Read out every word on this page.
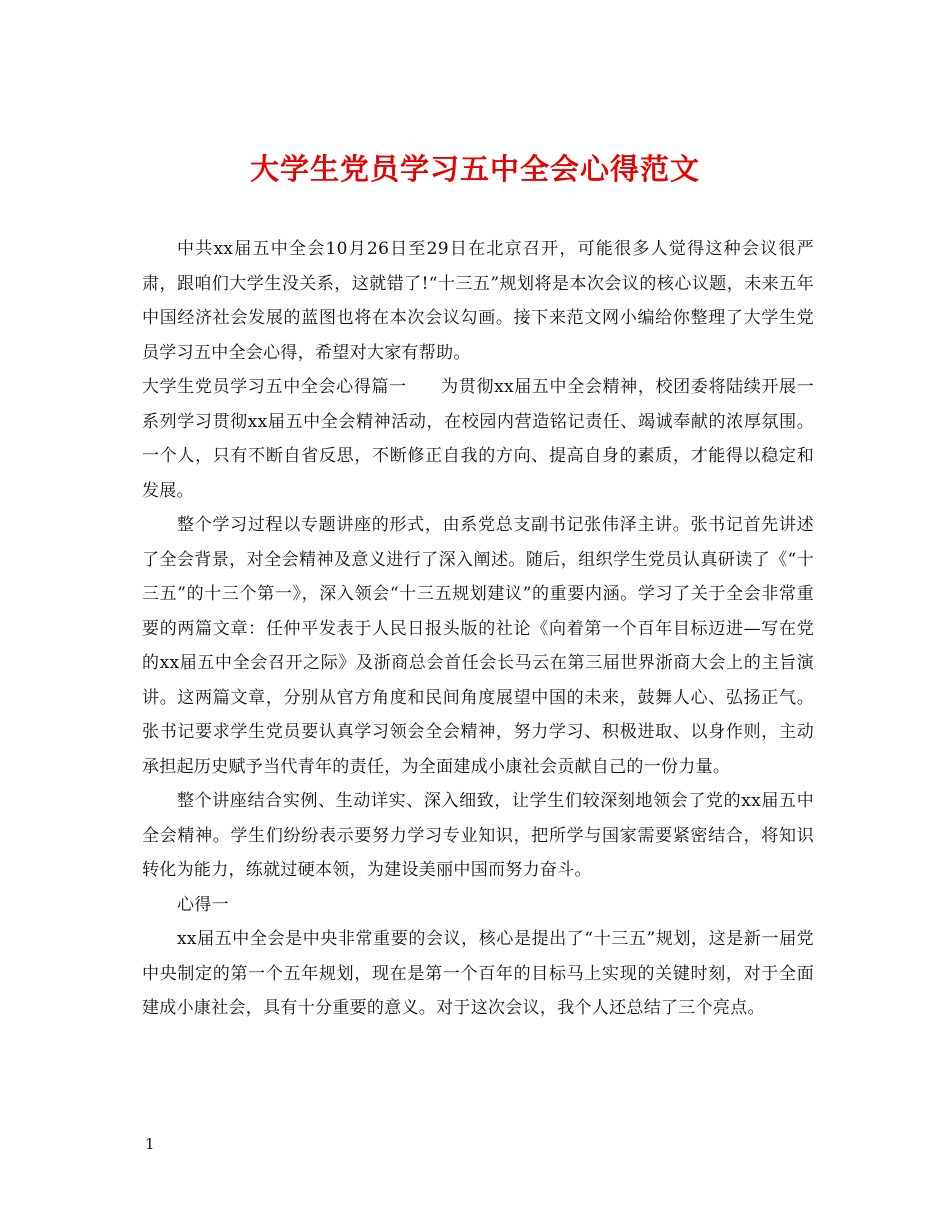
大学生党员学习五中全会心得范文

中共xx届五中全会10月26日至29日在北京召开，可能很多人觉得这种会议很严肃，跟咱们大学生没关系，这就错了!“十三五”规划将是本次会议的核心议题，未来五年中国经济社会发展的蓝图也将在本次会议勾画。接下来范文网小编给你整理了大学生党员学习五中全会心得，希望对大家有帮助。

大学生党员学习五中全会心得篇一 为贯彻xx届五中全会精神，校团委将陆续开展一系列学习贯彻xx届五中全会精神活动，在校园内营造铭记责任、竭诚奉献的浓厚氛围。一个人，只有不断自省反思，不断修正自我的方向、提高自身的素质，才能得以稳定和发展。

整个学习过程以专题讲座的形式，由系党总支副书记张伟泽主讲。张书记首先讲述了全会背景，对全会精神及意义进行了深入阐述。随后，组织学生党员认真研读了《“十三五”的十三个第一》，深入领会“十三五规划建议”的重要内涵。学习了关于全会非常重要的两篇文章：任仲平发表于人民日报头版的社论《向着第一个百年目标迈进—写在党的xx届五中全会召开之际》及浙商总会首任会长马云在第三届世界浙商大会上的主旨演讲。这两篇文章，分别从官方角度和民间角度展望中国的未来，鼓舞人心、弘扬正气。张书记要求学生党员要认真学习领会全会精神，努力学习、积极进取、以身作则，主动承担起历史赋予当代青年的责任，为全面建成小康社会贡献自己的一份力量。

整个讲座结合实例、生动详实、深入细致，让学生们较深刻地领会了党的xx届五中全会精神。学生们纷纷表示要努力学习专业知识，把所学与国家需要紧密结合，将知识转化为能力，练就过硬本领，为建设美丽中国而努力奋斗。

心得一

xx届五中全会是中央非常重要的会议，核心是提出了“十三五”规划，这是新一届党中央制定的第一个五年规划，现在是第一个百年的目标马上实现的关键时刻，对于全面建成小康社会，具有十分重要的意义。对于这次会议，我个人还总结了三个亮点。

1
